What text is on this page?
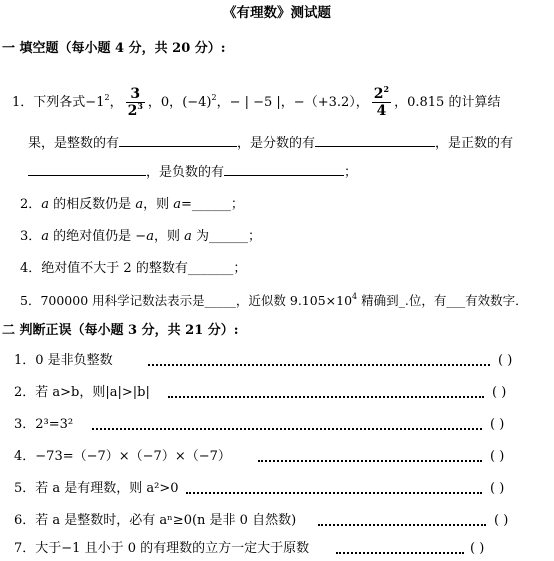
《有理数》测试题
一 填空题（每小题 4 分，共 20 分）:
1．下列各式$-1^2$， $\frac{3}{2^3}$ ，0，$(-4)^2$，− | −5 |，−（+3.2）， $\frac{2^2}{4}$ ，0.815 的计算结
果，是整数的有	，是分数的有	，是正数的有
，是负数的有	；
2．a 的相反数仍是 a，则 a=______；
3．a 的绝对值仍是 −a，则 a 为______；
4．绝对值不大于 2 的整数有_______；
5．700000 用科学记数法表示是_____，近似数 $9.105\times 10^4$ 精确到_.位，有___有效数字．
二 判断正误（每小题 3 分，共 21 分）:
1．0 是非负整数	( )
2．若 a>b，则|a|>|b|	( )
3．2³=3²	( )
4．−73=（−7）×（−7）×（−7）	( )
5．若 a 是有理数，则 a²>0	( )
6．若 a 是整数时，必有 aⁿ≥0(n 是非 0 自然数)	( )
7．大于−1 且小于 0 的有理数的立方一定大于原数	( )
